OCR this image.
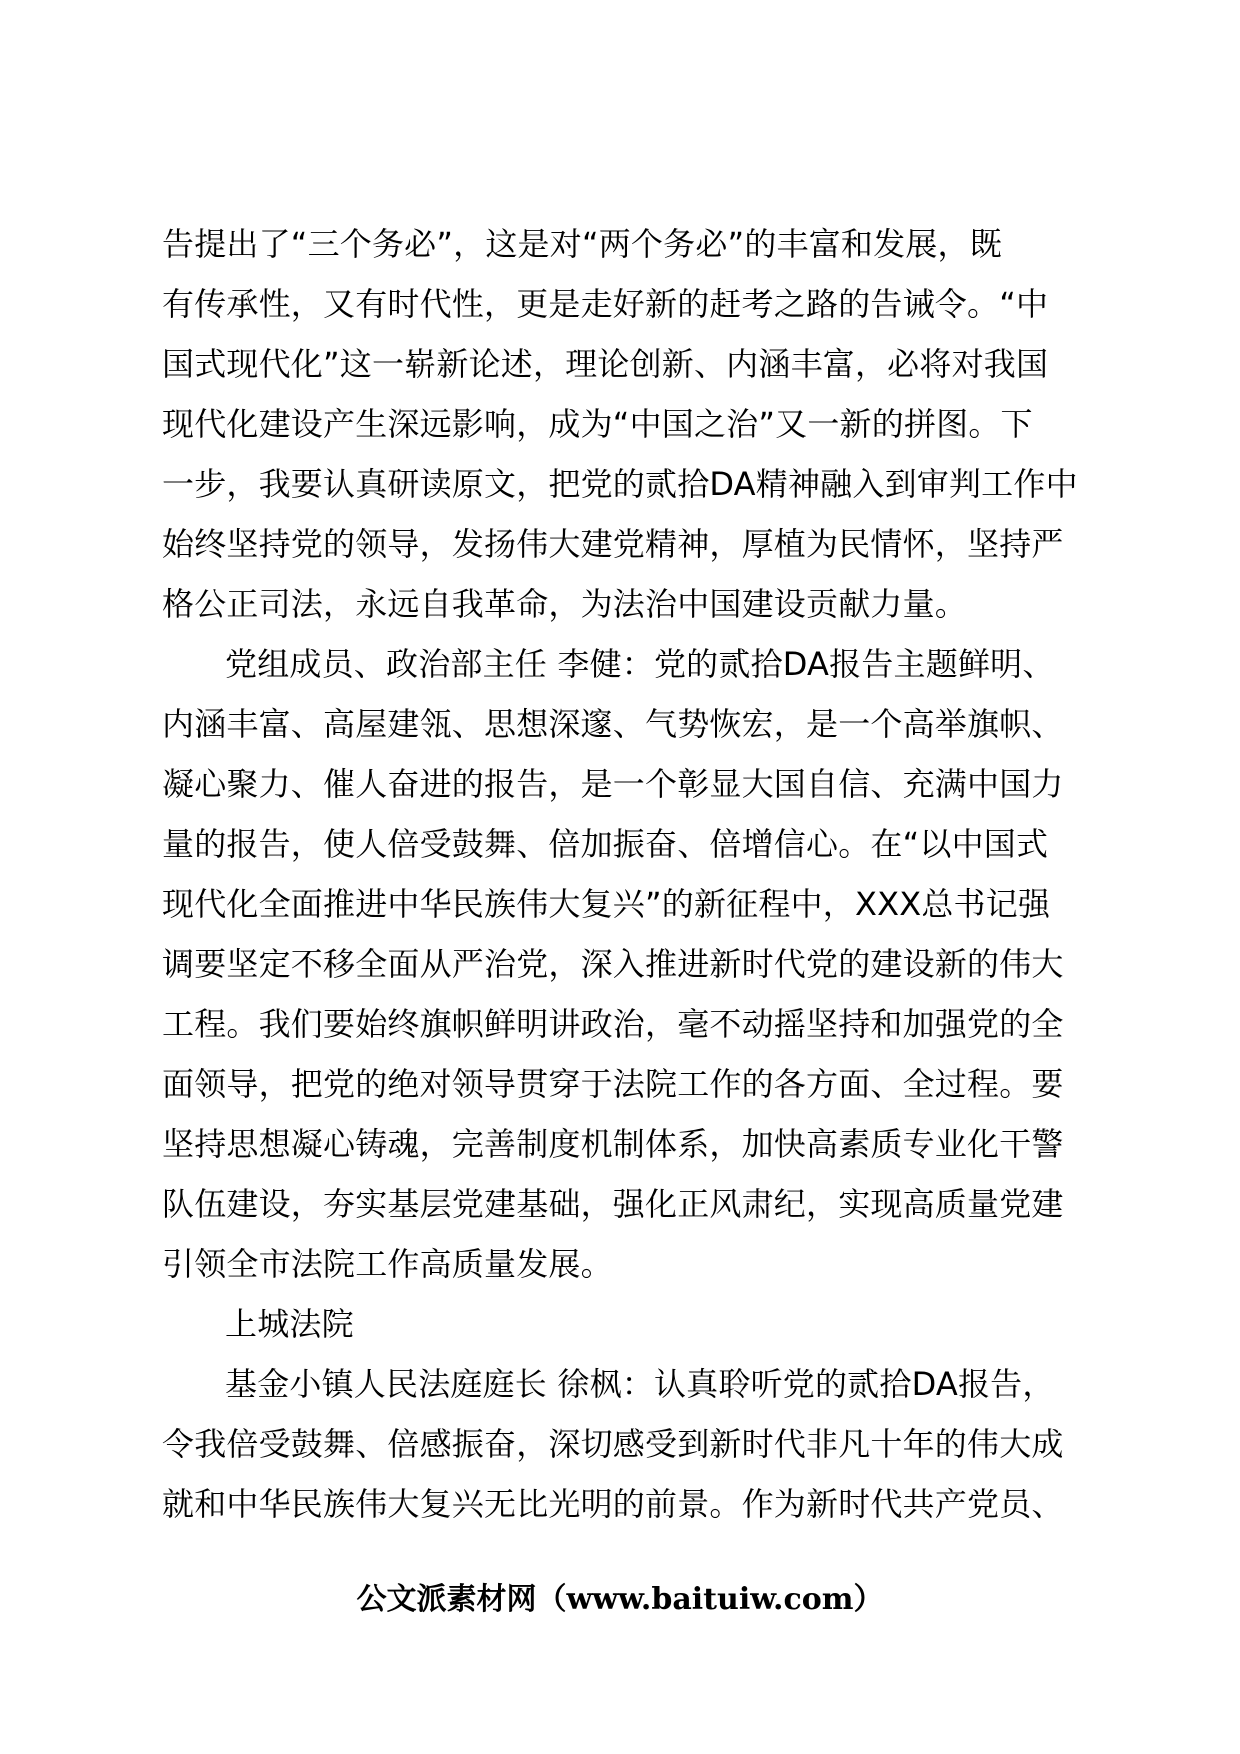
告提出了“三个务必”，这是对“两个务必”的丰富和发展，既
有传承性，又有时代性，更是走好新的赶考之路的告诫令。“中
国式现代化”这一崭新论述，理论创新、内涵丰富，必将对我国
现代化建设产生深远影响，成为“中国之治”又一新的拼图。下
一步，我要认真研读原文，把党的贰拾DA精神融入到审判工作中
始终坚持党的领导，发扬伟大建党精神，厚植为民情怀，坚持严
格公正司法，永远自我革命，为法治中国建设贡献力量。
党组成员、政治部主任 李健：党的贰拾DA报告主题鲜明、
内涵丰富、高屋建瓴、思想深邃、气势恢宏，是一个高举旗帜、
凝心聚力、催人奋进的报告，是一个彰显大国自信、充满中国力
量的报告，使人倍受鼓舞、倍加振奋、倍增信心。在“以中国式
现代化全面推进中华民族伟大复兴”的新征程中，XXX总书记强
调要坚定不移全面从严治党，深入推进新时代党的建设新的伟大
工程。我们要始终旗帜鲜明讲政治，毫不动摇坚持和加强党的全
面领导，把党的绝对领导贯穿于法院工作的各方面、全过程。要
坚持思想凝心铸魂，完善制度机制体系，加快高素质专业化干警
队伍建设，夯实基层党建基础，强化正风肃纪，实现高质量党建
引领全市法院工作高质量发展。
上城法院
基金小镇人民法庭庭长 徐枫：认真聆听党的贰拾DA报告，
令我倍受鼓舞、倍感振奋，深切感受到新时代非凡十年的伟大成
就和中华民族伟大复兴无比光明的前景。作为新时代共产党员、
公文派素材网（www.baituiw.com）
